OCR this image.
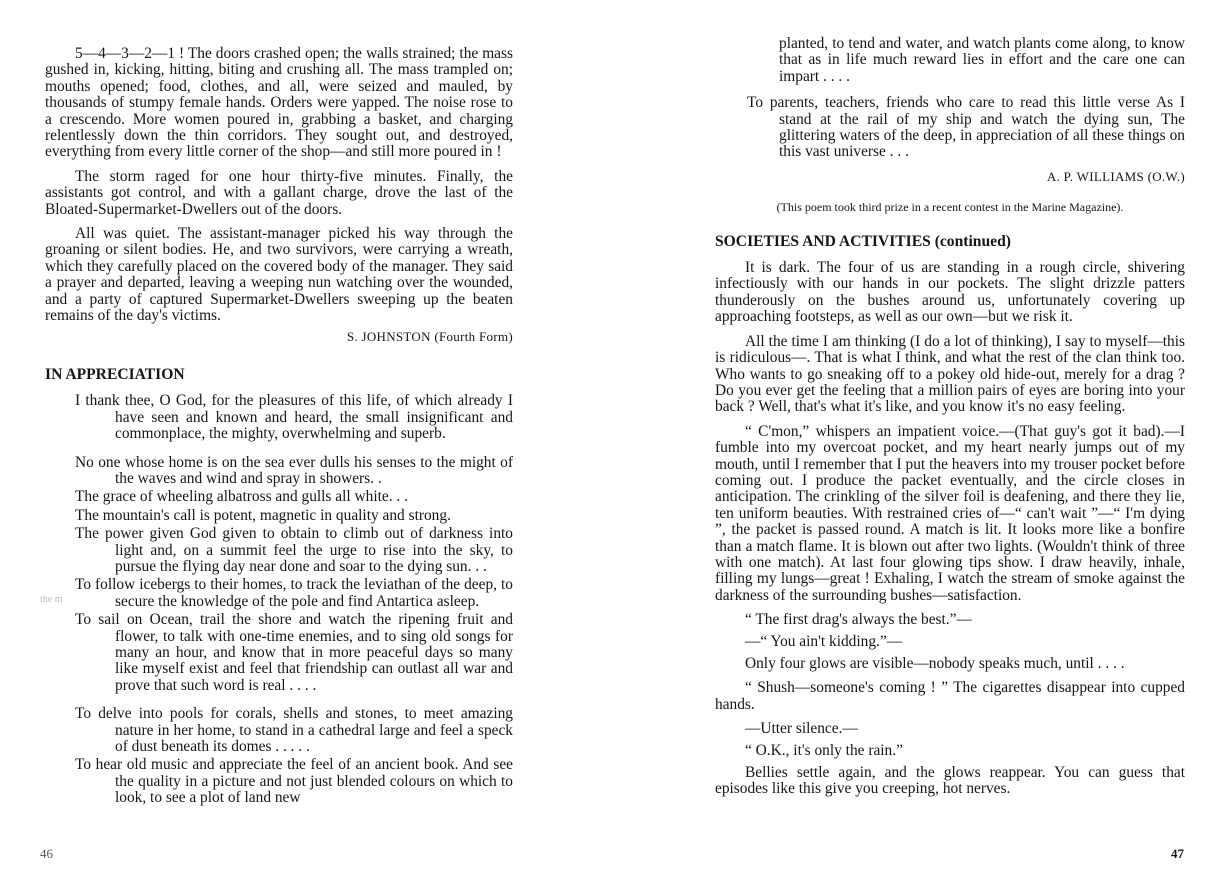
5—4—3—2—1 ! The doors crashed open; the walls strained; the mass gushed in, kicking, hitting, biting and crushing all. The mass trampled on; mouths opened; food, clothes, and all, were seized and mauled, by thousands of stumpy female hands. Orders were yapped. The noise rose to a crescendo. More women poured in, grabbing a basket, and charging relentlessly down the thin corridors. They sought out, and destroyed, everything from every little corner of the shop—and still more poured in !

The storm raged for one hour thirty-five minutes. Finally, the assistants got control, and with a gallant charge, drove the last of the Bloated-Supermarket-Dwellers out of the doors.

All was quiet. The assistant-manager picked his way through the groaning or silent bodies. He, and two survivors, were carrying a wreath, which they carefully placed on the covered body of the manager. They said a prayer and departed, leaving a weeping nun watching over the wounded, and a party of captured Supermarket-Dwellers sweeping up the beaten remains of the day's victims.

S. JOHNSTON (Fourth Form)
IN APPRECIATION

I thank thee, O God, for the pleasures of this life, of which already I have seen and known and heard, the small insignificant and commonplace, the mighty, overwhelming and superb.

No one whose home is on the sea ever dulls his senses to the might of the waves and wind and spray in showers. .

The grace of wheeling albatross and gulls all white. . .

The mountain's call is potent, magnetic in quality and strong.

The power given God given to obtain to climb out of darkness into light and, on a summit feel the urge to rise into the sky, to pursue the flying day near done and soar to the dying sun. . .

To follow icebergs to their homes, to track the leviathan of the deep, to secure the knowledge of the pole and find Antartica asleep.

To sail on Ocean, trail the shore and watch the ripening fruit and flower, to talk with one-time enemies, and to sing old songs for many an hour, and know that in more peaceful days so many like myself exist and feel that friendship can outlast all war and prove that such word is real . . . .

To delve into pools for corals, shells and stones, to meet amazing nature in her home, to stand in a cathedral large and feel a speck of dust beneath its domes . . . . .

To hear old music and appreciate the feel of an ancient book. And see the quality in a picture and not just blended colours on which to look, to see a plot of land new

the m
46

planted, to tend and water, and watch plants come along, to know that as in life much reward lies in effort and the care one can impart . . . .

To parents, teachers, friends who care to read this little verse As I stand at the rail of my ship and watch the dying sun, The glittering waters of the deep, in appreciation of all these things on this vast universe . . .

A. P. WILLIAMS (O.W.)
(This poem took third prize in a recent contest in the Marine Magazine).
SOCIETIES AND ACTIVITIES (continued)

It is dark. The four of us are standing in a rough circle, shivering infectiously with our hands in our pockets. The slight drizzle patters thunderously on the bushes around us, unfortunately covering up approaching footsteps, as well as our own—but we risk it.

All the time I am thinking (I do a lot of thinking), I say to myself—this is ridiculous—. That is what I think, and what the rest of the clan think too. Who wants to go sneaking off to a pokey old hide-out, merely for a drag ? Do you ever get the feeling that a million pairs of eyes are boring into your back ? Well, that's what it's like, and you know it's no easy feeling.

“ C'mon,” whispers an impatient voice.—(That guy's got it bad).—I fumble into my overcoat pocket, and my heart nearly jumps out of my mouth, until I remember that I put the heavers into my trouser pocket before coming out. I produce the packet eventually, and the circle closes in anticipation. The crinkling of the silver foil is deafening, and there they lie, ten uniform beauties. With restrained cries of—“ can't wait ”—“ I'm dying ”, the packet is passed round. A match is lit. It looks more like a bonfire than a match flame. It is blown out after two lights. (Wouldn't think of three with one match). At last four glowing tips show. I draw heavily, inhale, filling my lungs—great ! Exhaling, I watch the stream of smoke against the darkness of the surrounding bushes—satisfaction.

“ The first drag's always the best.”—
—“ You ain't kidding.”—

Only four glows are visible—nobody speaks much, until . . . .

“ Shush—someone's coming ! ” The cigarettes disappear into cupped hands.

—Utter silence.—
“ O.K., it's only the rain.”

Bellies settle again, and the glows reappear. You can guess that episodes like this give you creeping, hot nerves.

47
